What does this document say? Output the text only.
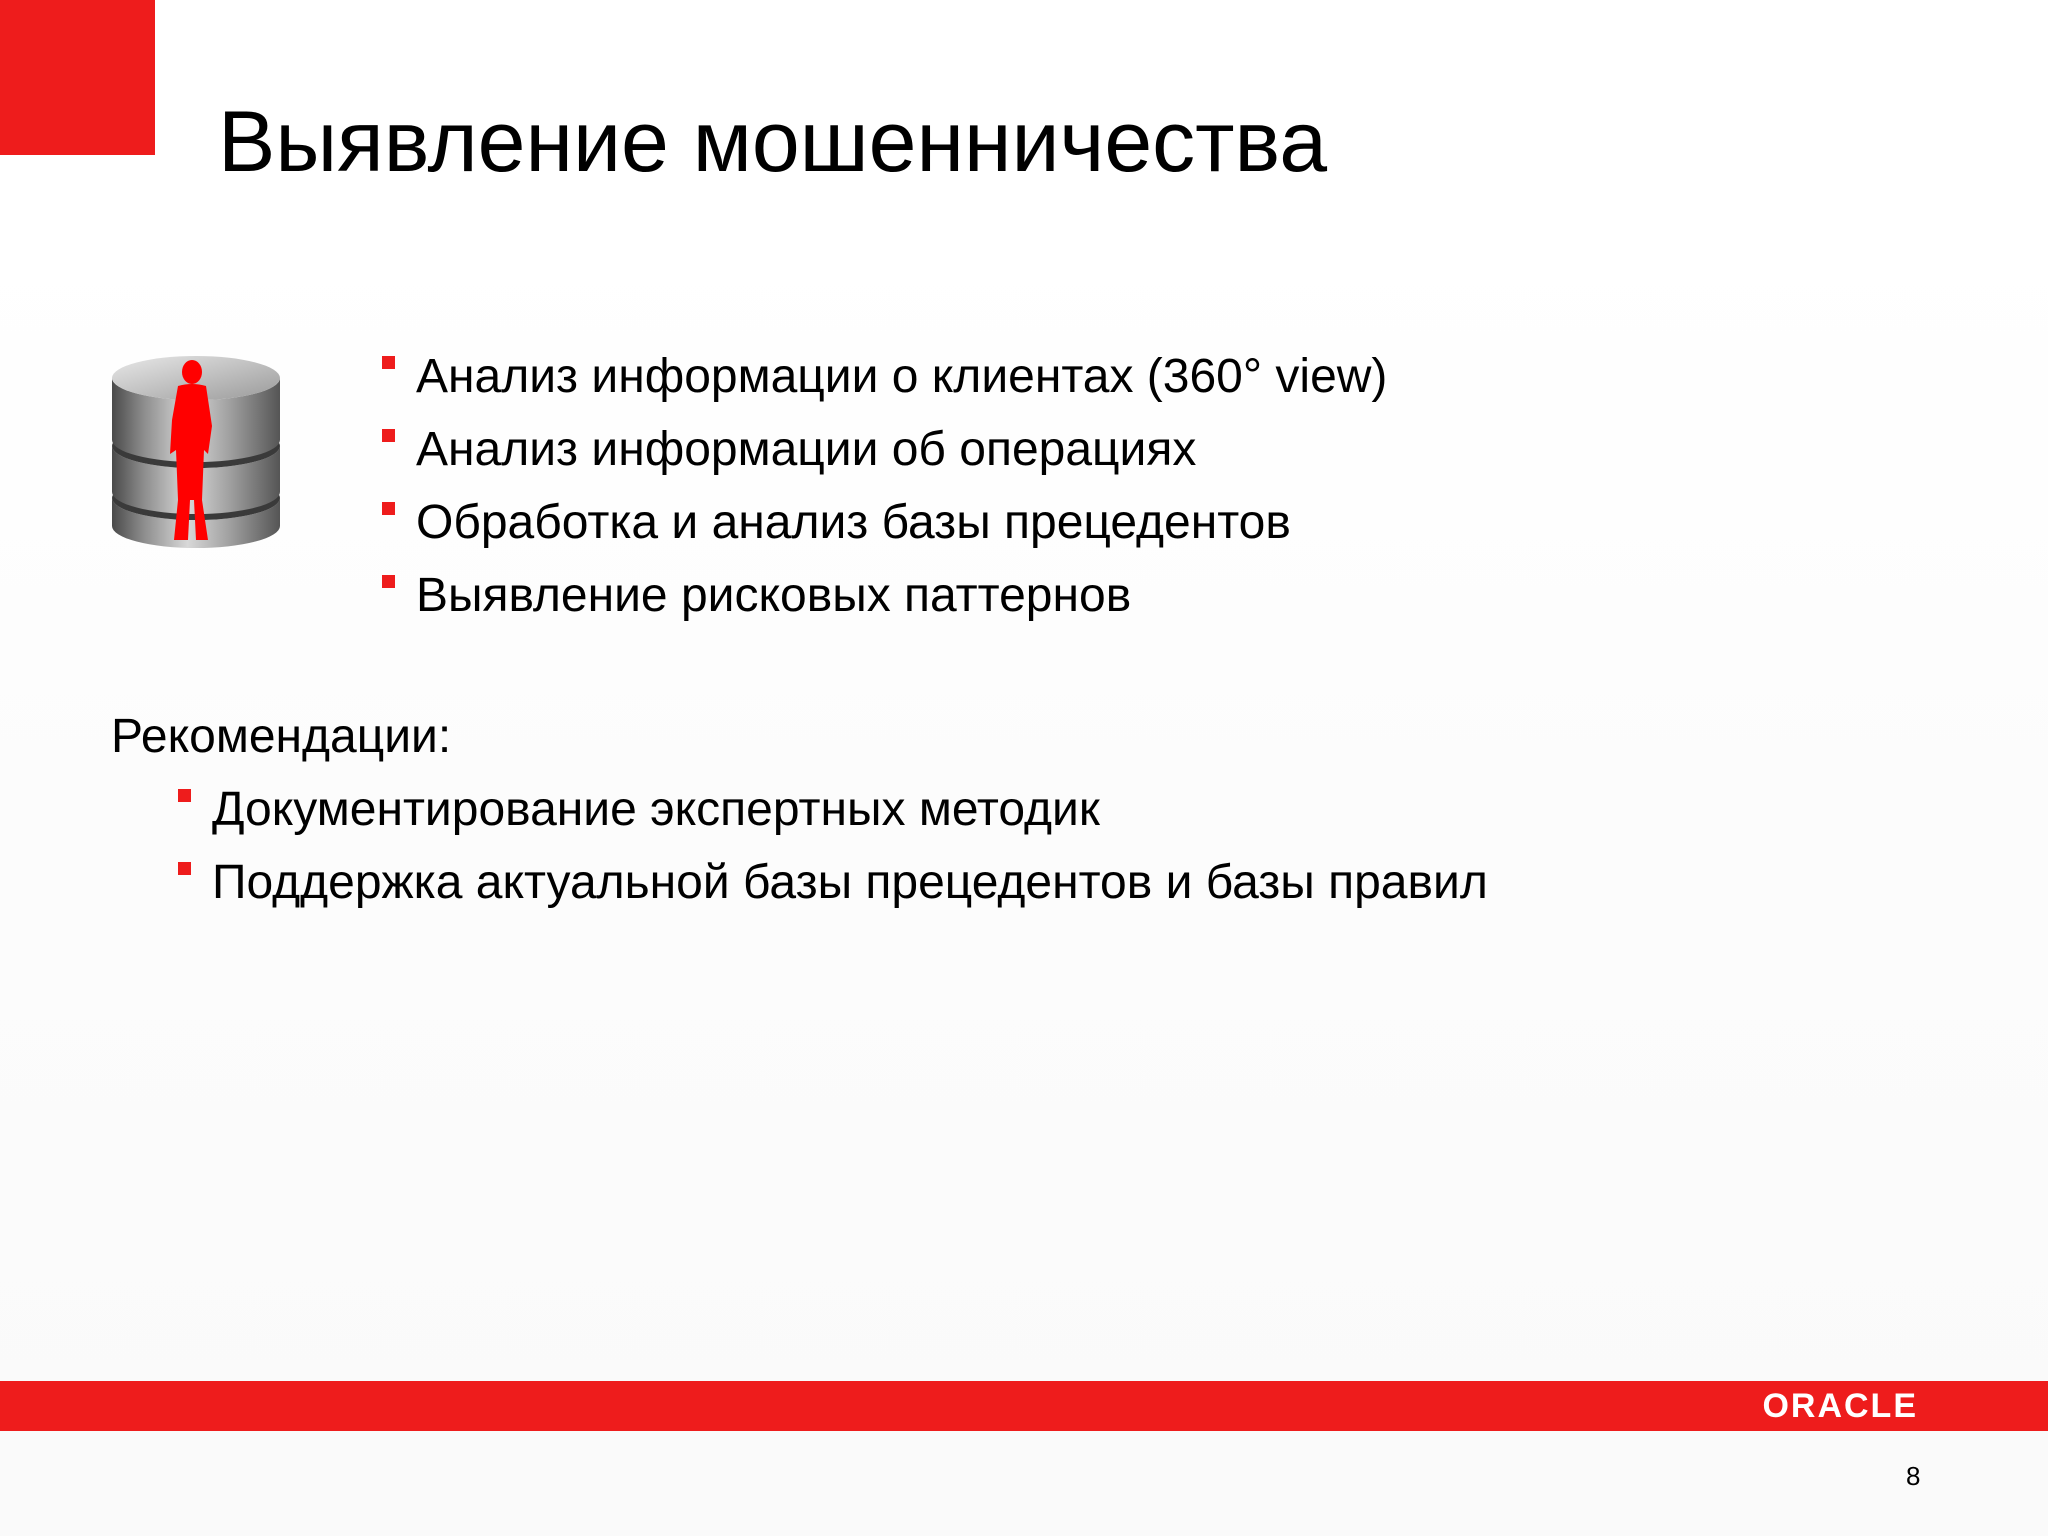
Выявление мошенничества
Анализ информации о клиентах (360° view)
Анализ информации об операциях
Обработка и анализ базы прецедентов
Выявление рисковых паттернов

Рекомендации:

Документирование экспертных методик
Поддержка актуальной базы прецедентов и базы правил
ORACLE
8
